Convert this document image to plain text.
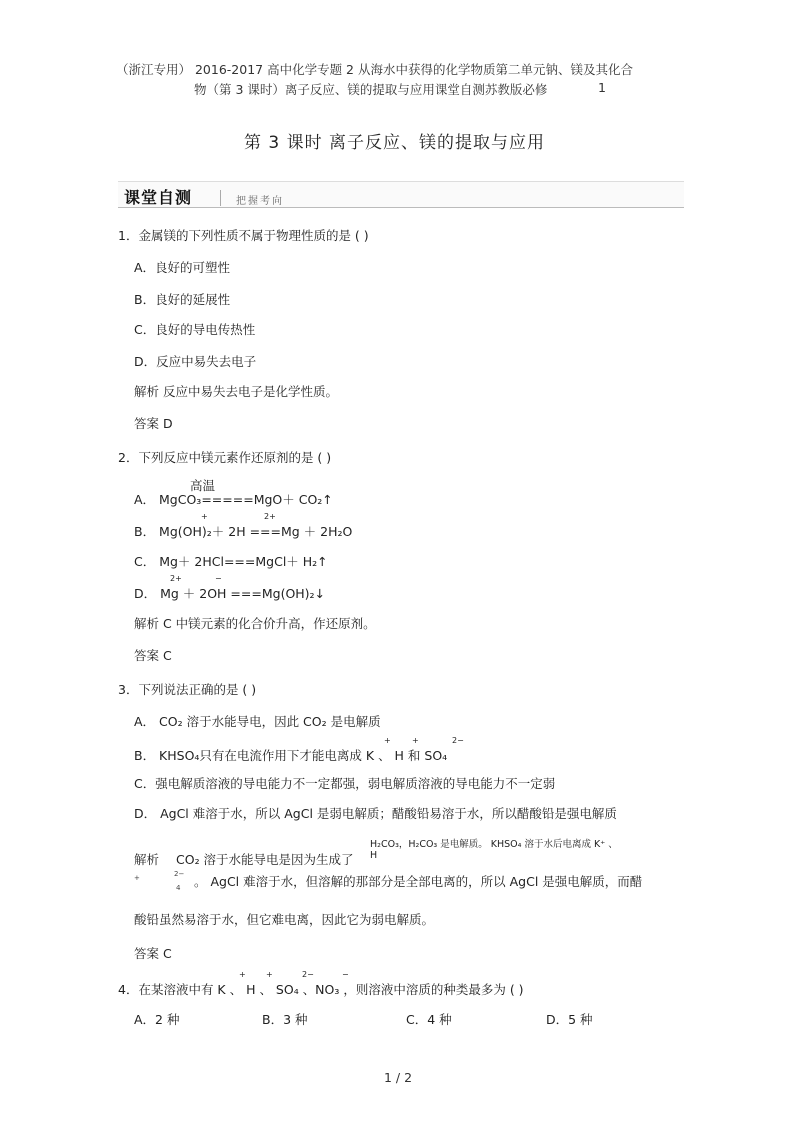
（浙江专用） 2016-2017 高中化学专题 2 从海水中获得的化学物质第二单元钠、镁及其化合
物（第 3 课时）离子反应、镁的提取与应用课堂自测苏教版必修	1
第 3 课时 离子反应、镁的提取与应用
课堂自测	把握考向
1．金属镁的下列性质不属于物理性质的是 ( )
A．良好的可塑性
B．良好的延展性
C．良好的导电传热性
D．反应中易失去电子
解析 反应中易失去电子是化学性质。
答案 D
2．下列反应中镁元素作还原剂的是 ( )
高温
A． MgCO₃=====MgO＋ CO₂↑
B． Mg(OH)₂＋ 2H ===Mg ＋ 2H₂O
+	2+
C． Mg＋ 2HCl===MgCl＋ H₂↑
D． Mg ＋ 2OH ===Mg(OH)₂↓
2+	−
解析 C 中镁元素的化合价升高，作还原剂。
答案 C
3．下列说法正确的是 ( )
A． CO₂ 溶于水能导电，因此 CO₂ 是电解质
B． KHSO₄只有在电流作用下才能电离成 K 、 H 和 SO₄
+	+	2−
C．强电解质溶液的导电能力不一定都强，弱电解质溶液的导电能力不一定弱
D． AgCl 难溶于水，所以 AgCl 是弱电解质；醋酸铅易溶于水，所以醋酸铅是强电解质
解析 CO₂ 溶于水能导电是因为生成了
H₂CO₃，H₂CO₃ 是电解质。 KHSO₄ 溶于水后电离成 K⁺ 、
H
+	2−
4 。 AgCl 难溶于水，但溶解的那部分是全部电离的，所以 AgCl 是强电解质，而醋
酸铅虽然易溶于水，但它难电离，因此它为弱电解质。
答案 C
4．在某溶液中有 K 、 H 、 SO₄ 、NO₃ ，则溶液中溶质的种类最多为 ( )
+	+	2−	−
A．2 种	B．3 种	C．4 种	D．5 种
1 / 2
